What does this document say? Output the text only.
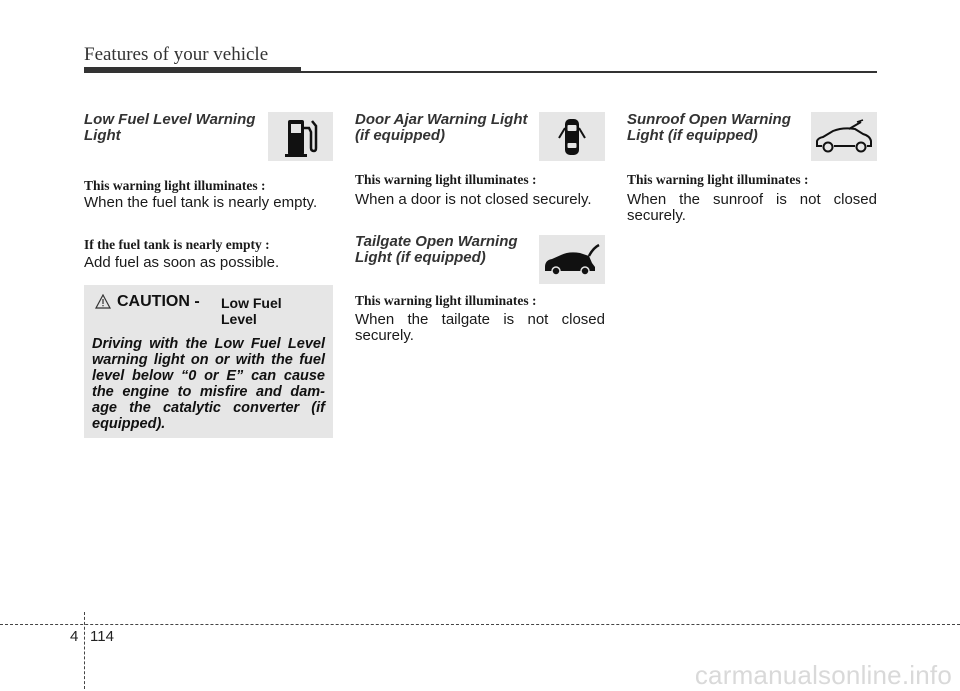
Features of your vehicle
Low Fuel Level Warning
Light
This warning light illuminates :
When the fuel tank is nearly empty.
If the fuel tank is nearly empty :
Add fuel as soon as possible.
CAUTION - Low Fuel
Level
Driving with the Low Fuel Level warning light on or with the fuel level below “0 or E” can cause the engine to misfire and dam-age the catalytic converter (if equipped).
Door Ajar Warning Light
(if equipped)
This warning light illuminates :
When a door is not closed securely.
Tailgate Open Warning
Light (if equipped)
This warning light illuminates :
When the tailgate is not closed securely.
Sunroof Open Warning
Light (if equipped)
This warning light illuminates :
When the sunroof is not closed securely.
4 114
carmanualsonline.info
